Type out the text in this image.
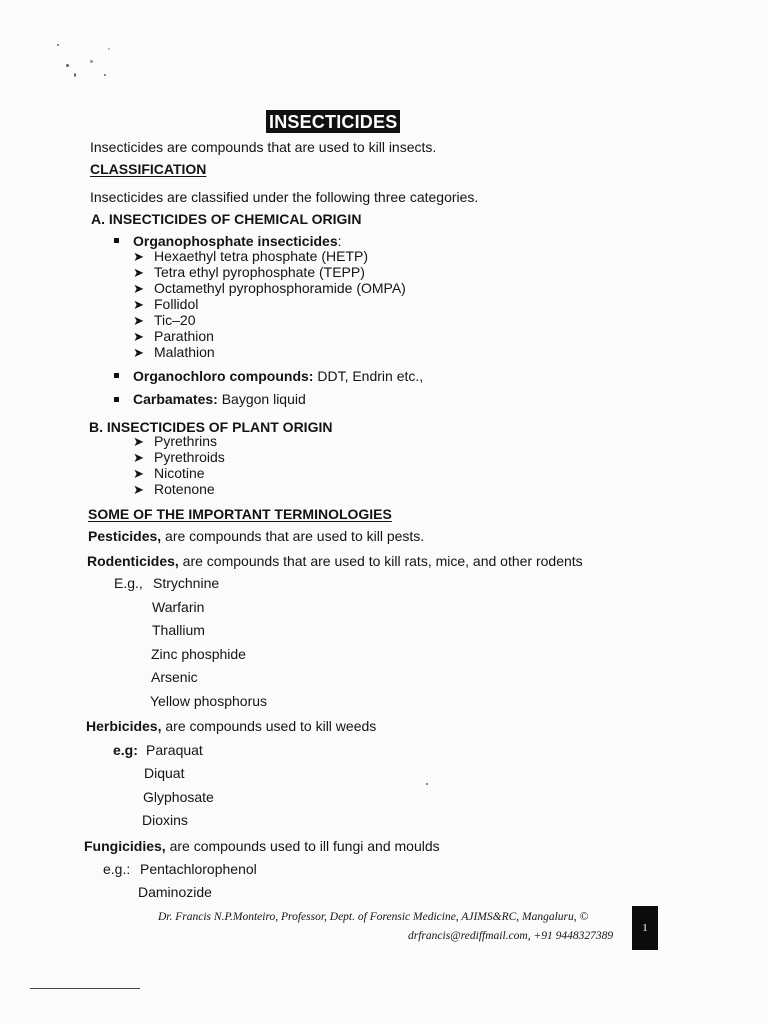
INSECTICIDES
Insecticides are compounds that are used to kill insects.
CLASSIFICATION
Insecticides are classified under the following three categories.
A. INSECTICIDES OF CHEMICAL ORIGIN
Organophosphate insecticides:
➤ Hexaethyl tetra phosphate (HETP)
➤ Tetra ethyl pyrophosphate (TEPP)
➤ Octamethyl pyrophosphoramide (OMPA)
➤ Follidol
➤ Tic–20
➤ Parathion
➤ Malathion
Organochloro compounds: DDT, Endrin etc.,
Carbamates: Baygon liquid
B. INSECTICIDES OF PLANT ORIGIN
➤ Pyrethrins
➤ Pyrethroids
➤ Nicotine
➤ Rotenone
SOME OF THE IMPORTANT TERMINOLOGIES
Pesticides, are compounds that are used to kill pests.
Rodenticides, are compounds that are used to kill rats, mice, and other rodents
E.g., Strychnine
Warfarin
Thallium
Zinc phosphide
Arsenic
Yellow phosphorus
Herbicides, are compounds used to kill weeds
e.g: Paraquat
Diquat
Glyphosate
Dioxins
Fungicidies, are compounds used to ill fungi and moulds
e.g.: Pentachlorophenol
Daminozide
Dr. Francis N.P.Monteiro, Professor, Dept. of Forensic Medicine, AJIMS&RC, Mangaluru, ©
drfrancis@rediffmail.com, +91 9448327389
1
